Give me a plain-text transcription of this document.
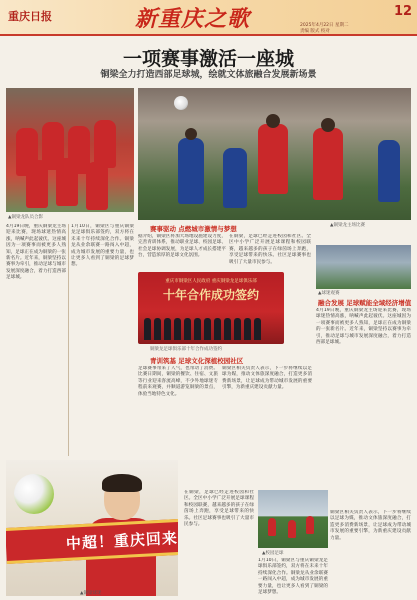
重庆日报	新重庆之歌	12
2025年4月22日 星期二
责编 版式 校对
一项赛事激活一座城
铜梁全力打造西部足球城，绘就文体旅融合发展新场景
▲铜梁龙队员合影
▲铜梁龙主场比赛
4月19日晚，重庆铜梁龙主场迎来比赛，现场球迷热情高涨，呐喊声此起彼伏。这座城因为一项赛事而被更多人熟知，足球正在成为铜梁的一张新名片。近年来，铜梁坚持以赛事为牵引，推动足球与城市发展深度融合，着力打造西部足球城。
1月10日，铜梁区与重庆铜梁龙足球俱乐部签约，双方将在未来十年持续深化合作。铜梁龙从业余联赛一路闯入中超，成为城市发展的重要力量，也让更多人看到了铜梁的足球梦想。
赛事驱动 点燃城市激情与梦想
据介绍，铜梁区将加大场地设施建设力度，完善青训体系，推动职业足球、校园足球、社会足球协调发展，为足球人才成长搭建平台，营造浓厚的足球文化氛围。
在铜梁，足球已经走进校园和社区。全区中小学广泛开展足球课程和校园联赛，越来越多的孩子在绿茵场上奔跑，享受足球带来的快乐。社区足球赛事也吸引了大量市民参与。
重庆市铜梁区人民政府 重庆铜梁龙足球俱乐部
十年合作成功签约
铜梁龙足球俱乐部十年合作成功签约
青训筑基 足球文化深植校园社区
足球赛事带来了人气，也带动了消费。比赛日期间，铜梁的餐饮、住宿、文旅等行业迎来客流高峰，不少外地球迷专程前来观赛，并顺道游览铜梁的景点，体验当地特色文化。
铜梁区相关负责人表示，下一步将继续以足球为媒，推动文体旅深度融合，打造更多消费新场景，让足球成为带动城市发展的重要引擎，为新重庆建设贡献力量。
▲球迷观赛
融合发展 足球赋能全域经济增值
4月19日晚，重庆铜梁龙主场迎来比赛，现场球迷热情高涨，呐喊声此起彼伏。这座城因为一项赛事而被更多人熟知，足球正在成为铜梁的一张新名片。近年来，铜梁坚持以赛事为牵引，推动足球与城市发展深度融合，着力打造西部足球城。
铜梁区相关负责人表示，下一步将继续以足球为媒，推动文体旅深度融合，打造更多消费新场景，让足球成为带动城市发展的重要引擎，为新重庆建设贡献力量。
中超！重庆回来
▲铜梁球迷
▲校园足球
在铜梁，足球已经走进校园和社区。全区中小学广泛开展足球课程和校园联赛，越来越多的孩子在绿茵场上奔跑，享受足球带来的快乐。社区足球赛事也吸引了大量市民参与。
1月10日，铜梁区与重庆铜梁龙足球俱乐部签约，双方将在未来十年持续深化合作。铜梁龙从业余联赛一路闯入中超，成为城市发展的重要力量，也让更多人看到了铜梁的足球梦想。
